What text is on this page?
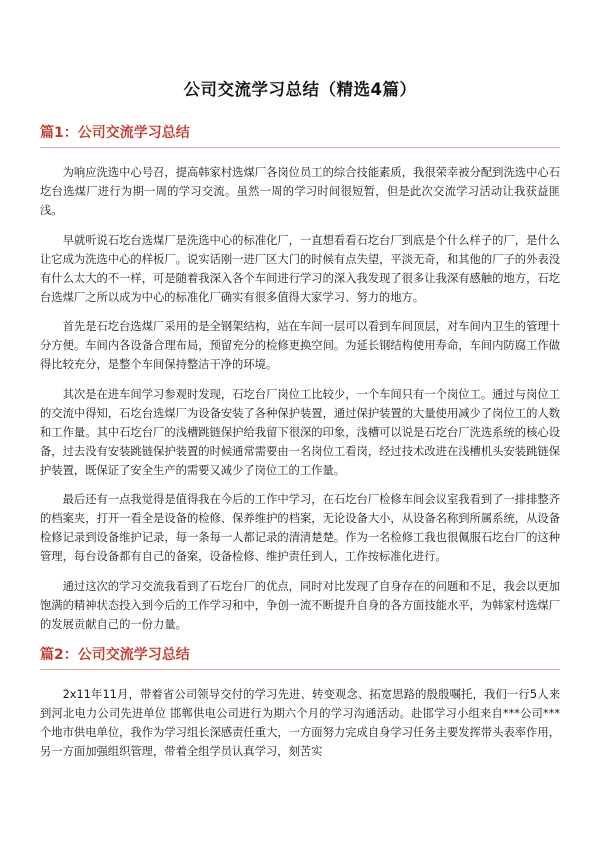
公司交流学习总结（精选4篇）
篇1：公司交流学习总结

为响应洗选中心号召，提高韩家村选煤厂各岗位员工的综合技能素质，我很荣幸被分配到洗选中心石圪台选煤厂进行为期一周的学习交流。虽然一周的学习时间很短暂，但是此次交流学习活动让我获益匪浅。

早就听说石圪台选煤厂是洗选中心的标准化厂，一直想看看石圪台厂到底是个什么样子的厂，是什么让它成为洗选中心的样板厂。说实话刚一进厂区大门的时候有点失望，平淡无奇，和其他的厂子的外表没有什么太大的不一样，可是随着我深入各个车间进行学习的深入我发现了很多让我深有感触的地方，石圪台选煤厂之所以成为中心的标准化厂确实有很多值得大家学习、努力的地方。

首先是石圪台选煤厂采用的是全钢架结构，站在车间一层可以看到车间顶层，对车间内卫生的管理十分方便。车间内各设备合理布局，预留充分的检修更换空间。为延长钢结构使用寿命，车间内防腐工作做得比较充分，是整个车间保持整洁干净的环境。

其次是在进车间学习参观时发现，石圪台厂岗位工比较少，一个车间只有一个岗位工。通过与岗位工的交流中得知，石圪台选煤厂为设备安装了各种保护装置，通过保护装置的大量使用减少了岗位工的人数和工作量。其中石圪台厂的浅槽跳链保护给我留下很深的印象，浅槽可以说是石圪台厂洗选系统的核心设备，过去没有安装跳链保护装置的时候通常需要由一名岗位工看岗，经过技术改进在浅槽机头安装跳链保护装置，既保证了安全生产的需要又减少了岗位工的工作量。

最后还有一点我觉得是值得我在今后的工作中学习，在石圪台厂检修车间会议室我看到了一排排整齐的档案夹，打开一看全是设备的检修、保养维护的档案，无论设备大小，从设备名称到所属系统，从设备检修记录到设备维护记录，每一条每一人都记录的清清楚楚。作为一名检修工我也很佩服石圪台厂的这种管理，每台设备都有自己的备案，设备检修、维护责任到人，工作按标准化进行。

通过这次的学习交流我看到了石圪台厂的优点，同时对比发现了自身存在的问题和不足，我会以更加饱满的精神状态投入到今后的工作学习和中，争创一流不断提升自身的各方面技能水平，为韩家村选煤厂的发展贡献自己的一份力量。

篇2：公司交流学习总结

2x11年11月，带着省公司领导交付的学习先进、转变观念、拓宽思路的殷殷嘱托，我们一行5人来到河北电力公司先进单位 邯郸供电公司进行为期六个月的学习沟通活动。赴邯学习小组来自***公司***个地市供电单位，我作为学习组长深感责任重大，一方面努力完成自身学习任务主要发挥带头表率作用，另一方面加强组织管理，带着全组学员认真学习，刻苦实
